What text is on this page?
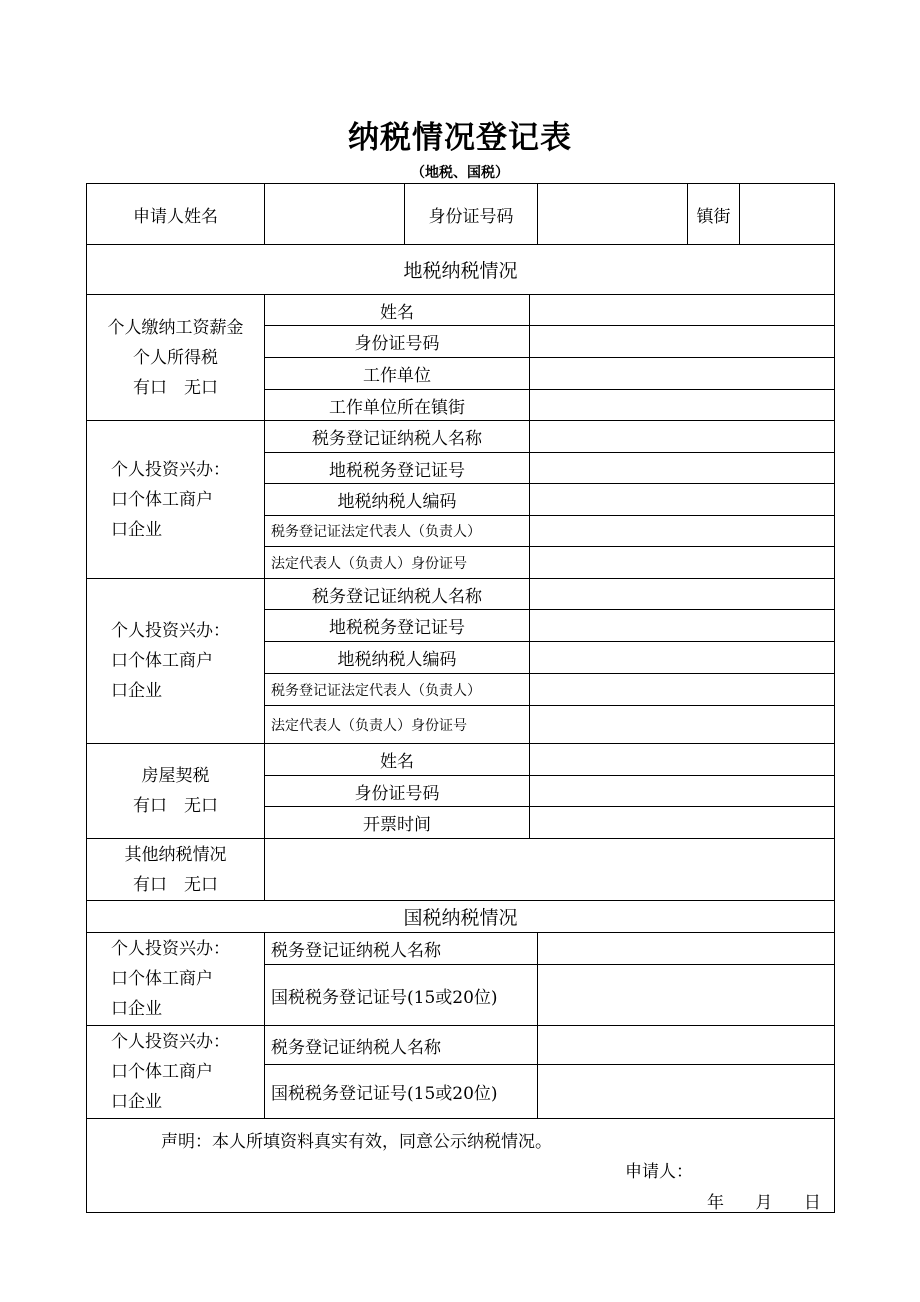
纳税情况登记表
（地税、国税）
申请人姓名		身份证号码			镇街	
地税纳税情况						

个人缴纳工资薪金
个人所得税
有口　无口	姓名					
	身份证号码					
	工作单位					
	工作单位所在镇街					

个人投资兴办：
口个体工商户
口企业	税务登记证纳税人名称					
	地税税务登记证号					
	地税纳税人编码					
	税务登记证法定代表人（负责人）					
	法定代表人（负责人）身份证号					

个人投资兴办：
口个体工商户
口企业	税务登记证纳税人名称					
	地税税务登记证号					
	地税纳税人编码					
	税务登记证法定代表人（负责人）					
	法定代表人（负责人）身份证号					

房屋契税
有口　无口	姓名					
	身份证号码					
	开票时间					

其他纳税情况
有口　无口						

国税纳税情况						

个人投资兴办：
口个体工商户
口企业	税务登记证纳税人名称					
	国税税务登记证号(15或20位)					

个人投资兴办：
口个体工商户
口企业	税务登记证纳税人名称					
	国税税务登记证号(15或20位)					

声明：本人所填资料真实有效，同意公示纳税情况。
申请人：
年 月 日						
